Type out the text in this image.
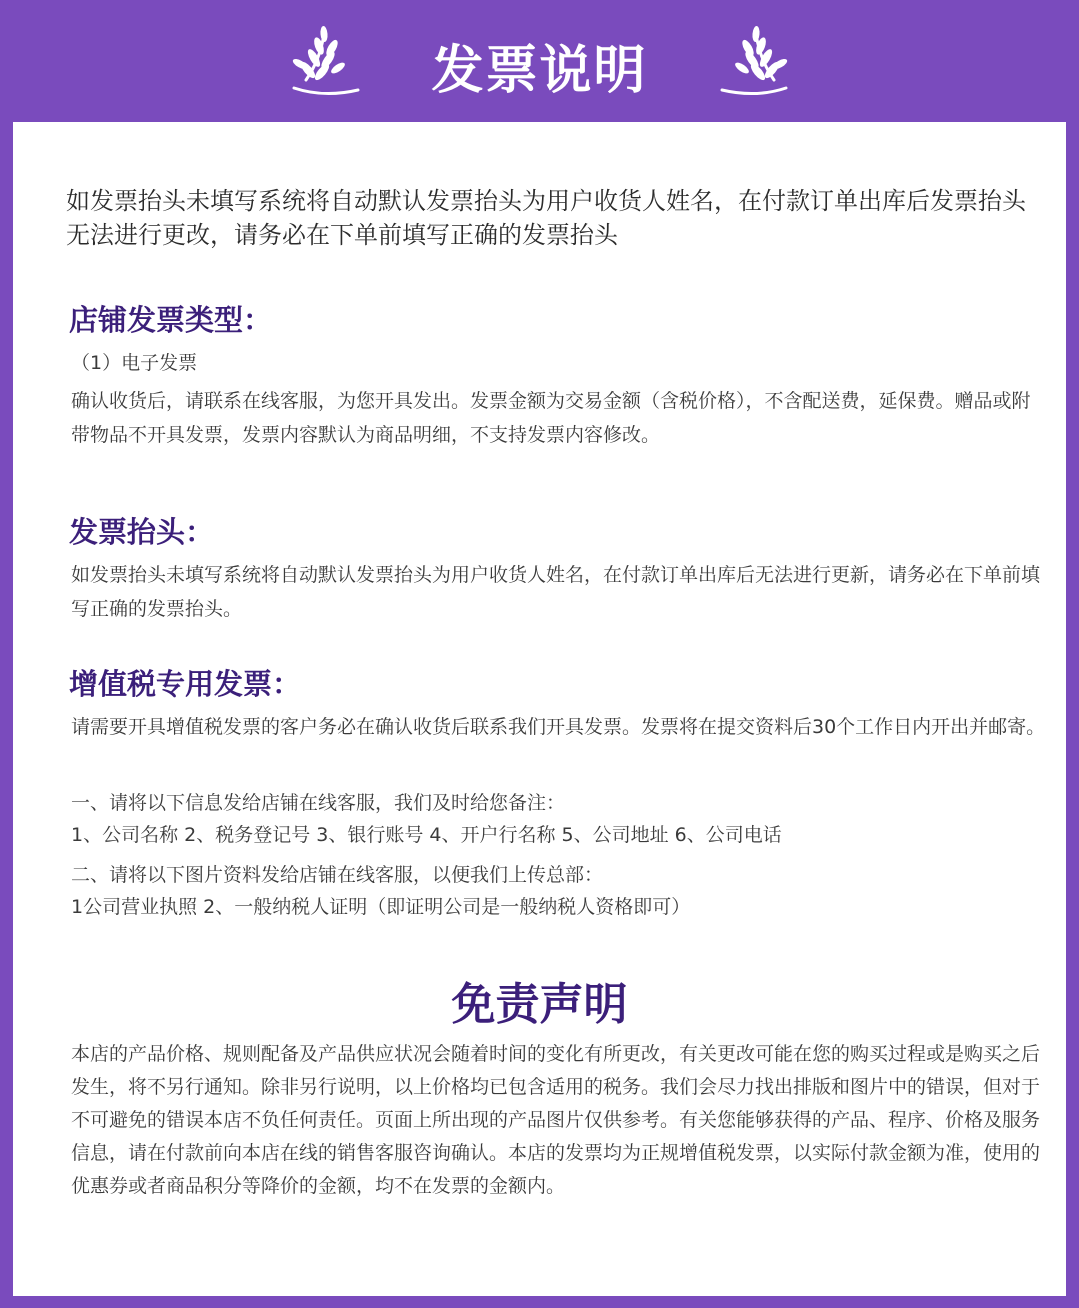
发票说明

如发票抬头未填写系统将自动默认发票抬头为用户收货人姓名，在付款订单出库后发票抬头无法进行更改，请务必在下单前填写正确的发票抬头

店铺发票类型：

（1）电子发票

确认收货后，请联系在线客服，为您开具发出。发票金额为交易金额（含税价格），不含配送费，延保费。赠品或附带物品不开具发票，发票内容默认为商品明细，不支持发票内容修改。

发票抬头：

如发票抬头未填写系统将自动默认发票抬头为用户收货人姓名，在付款订单出库后无法进行更新，请务必在下单前填写正确的发票抬头。

增值税专用发票：

请需要开具增值税发票的客户务必在确认收货后联系我们开具发票。发票将在提交资料后30个工作日内开出并邮寄。

一、请将以下信息发给店铺在线客服，我们及时给您备注：

1、公司名称 2、税务登记号 3、银行账号 4、开户行名称 5、公司地址 6、公司电话

二、请将以下图片资料发给店铺在线客服，以便我们上传总部：

1公司营业执照 2、一般纳税人证明（即证明公司是一般纳税人资格即可）

免责声明

本店的产品价格、规则配备及产品供应状况会随着时间的变化有所更改，有关更改可能在您的购买过程或是购买之后发生，将不另行通知。除非另行说明，以上价格均已包含适用的税务。我们会尽力找出排版和图片中的错误，但对于不可避免的错误本店不负任何责任。页面上所出现的产品图片仅供参考。有关您能够获得的产品、程序、价格及服务信息，请在付款前向本店在线的销售客服咨询确认。本店的发票均为正规增值税发票，以实际付款金额为准，使用的优惠券或者商品积分等降价的金额，均不在发票的金额内。
